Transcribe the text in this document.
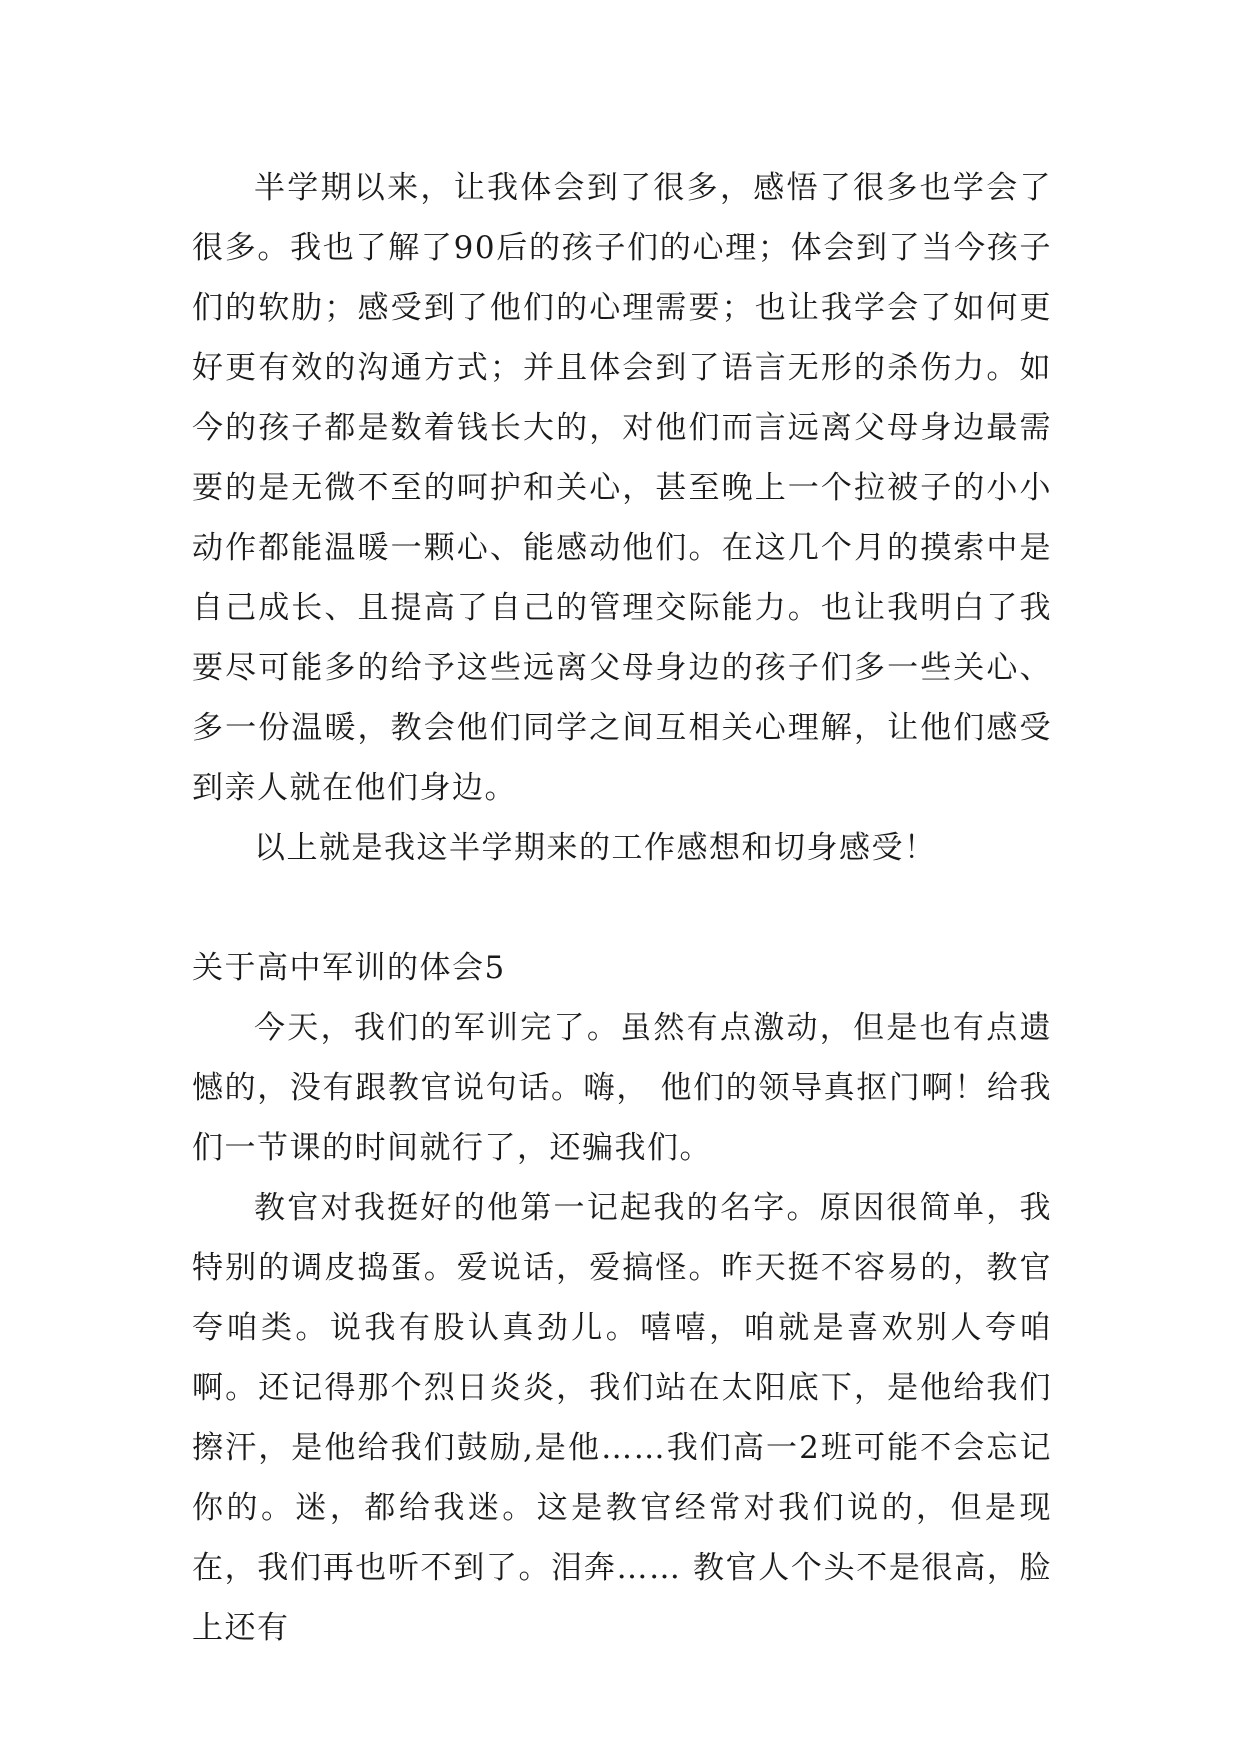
半学期以来，让我体会到了很多，感悟了很多也学会了很多。我也了解了90后的孩子们的心理；体会到了当今孩子们的软肋；感受到了他们的心理需要；也让我学会了如何更好更有效的沟通方式；并且体会到了语言无形的杀伤力。如今的孩子都是数着钱长大的，对他们而言远离父母身边最需要的是无微不至的呵护和关心，甚至晚上一个拉被子的小小动作都能温暖一颗心、能感动他们。在这几个月的摸索中是自己成长、且提高了自己的管理交际能力。也让我明白了我要尽可能多的给予这些远离父母身边的孩子们多一些关心、多一份温暖，教会他们同学之间互相关心理解，让他们感受到亲人就在他们身边。

以上就是我这半学期来的工作感想和切身感受！

关于高中军训的体会5

今天，我们的军训完了。虽然有点激动，但是也有点遗憾的，没有跟教官说句话。嗨， 他们的领导真抠门啊！给我们一节课的时间就行了，还骗我们。

教官对我挺好的他第一记起我的名字。原因很简单，我特别的调皮捣蛋。爱说话，爱搞怪。昨天挺不容易的，教官夸咱类。说我有股认真劲儿。嘻嘻，咱就是喜欢别人夸咱啊。还记得那个烈日炎炎，我们站在太阳底下，是他给我们擦汗，是他给我们鼓励,是他……我们高一2班可能不会忘记你的。迷，都给我迷。这是教官经常对我们说的，但是现在，我们再也听不到了。泪奔…… 教官人个头不是很高，脸上还有
